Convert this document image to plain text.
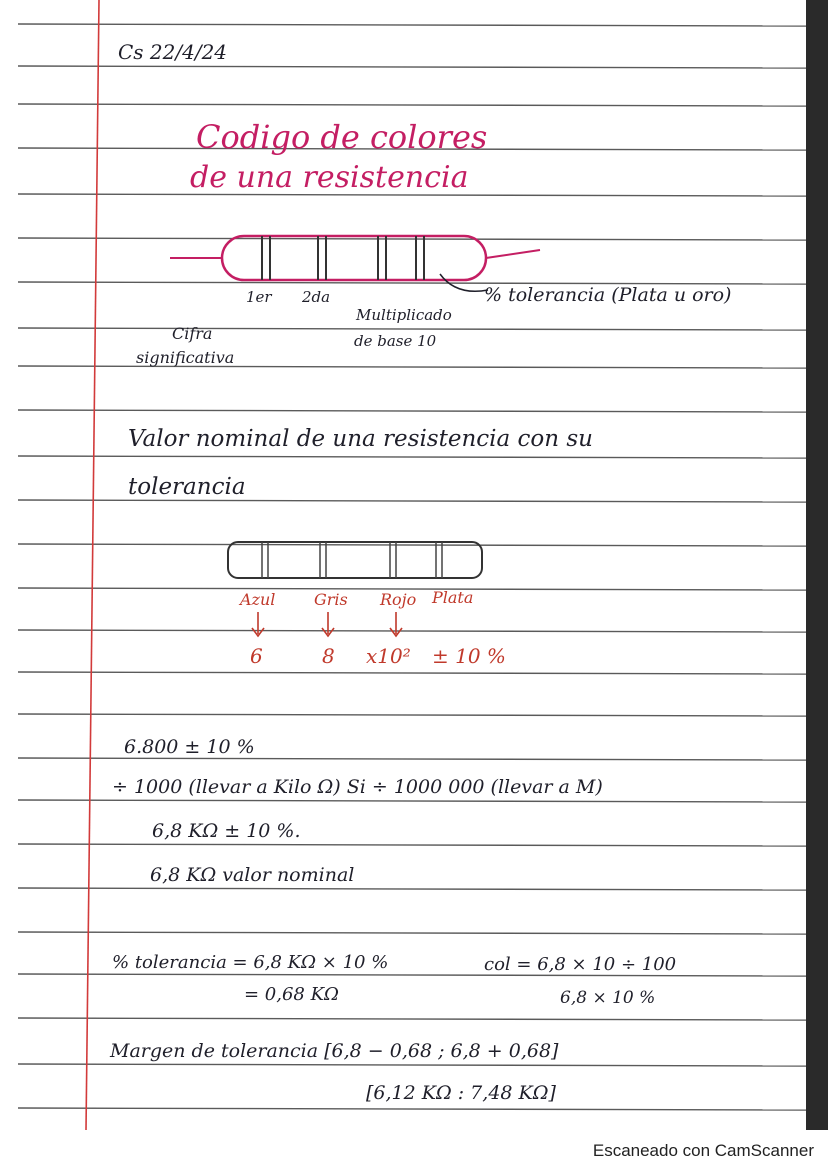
Cs 22/4/24
Codigo de colores
de una resistencia
1er 2da
Multiplicado
de base 10
% tolerancia (Plata u oro)
Cifra
significativa
Valor nominal de una resistencia con su
tolerancia
Azul Gris Rojo Plata
6	8 x10² ± 10 %
6.800 ± 10 %
÷ 1000 (llevar a Kilo Ω) Si ÷ 1000 000 (llevar a M)
6,8 KΩ ± 10 %.
6,8 KΩ valor nominal
% tolerancia = 6,8 KΩ × 10 %
= 0,68 KΩ
col = 6,8 × 10 ÷ 100
6,8 × 10 %
Margen de tolerancia [6,8 − 0,68 ; 6,8 + 0,68]
[6,12 KΩ : 7,48 KΩ]
Escaneado con CamScanner
